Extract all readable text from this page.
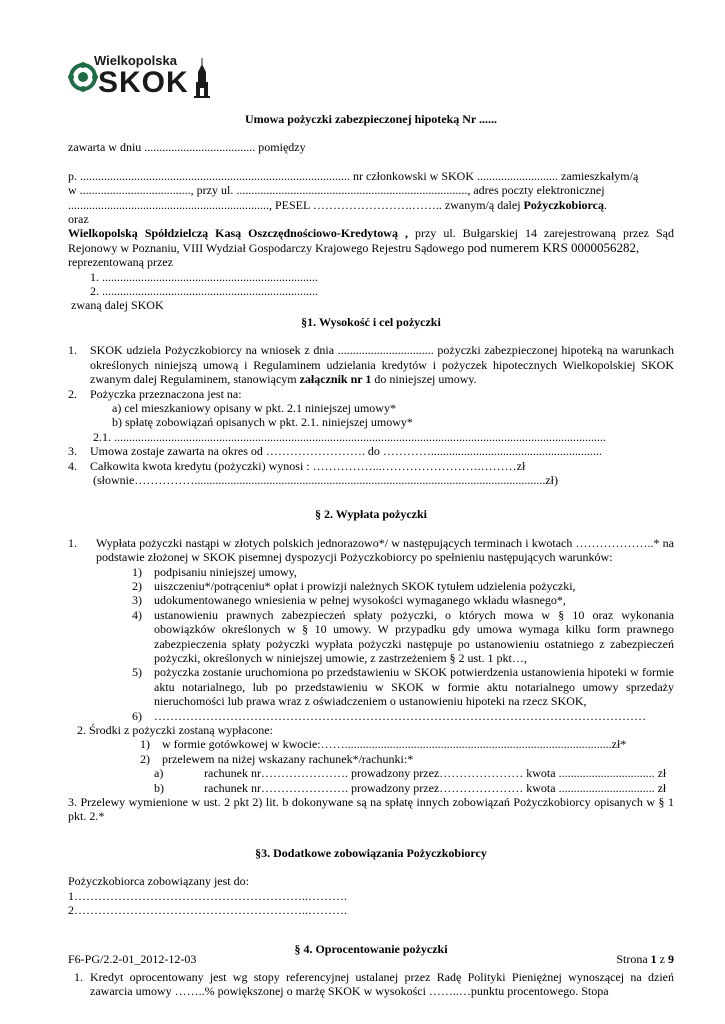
Wielkopolska
SKOK
Umowa pożyczki zabezpieczonej hipoteką Nr ......

zawarta w dniu ..................................... pomiędzy

p. .......................................................................................... nr członkowski w SKOK ........................... zamieszkałym/ą

w ....................................., przy ul. ............................................................................., adres poczty elektronicznej

..................................................................., PESEL …………………….…….. zwanym/ą dalej Pożyczkobiorcą.

oraz

Wielkopolską Spółdzielczą Kasą Oszczędnościowo-Kredytową , przy ul. Bułgarskiej 14 zarejestrowaną przez Sąd Rejonowy w Poznaniu, VIII Wydział Gospodarczy Krajowego Rejestru Sądowego pod numerem KRS 0000056282,

reprezentowaną przez

1. ........................................................................

2. ........................................................................

zwaną dalej SKOK

§1. Wysokość i cel pożyczki
1.	SKOK udziela Pożyczkobiorcy na wniosek z dnia ................................ pożyczki zabezpieczonej hipoteką na warunkach określonych niniejszą umową i Regulaminem udzielania kredytów i pożyczek hipotecznych Wielkopolskiej SKOK zwanym dalej Regulaminem, stanowiącym załącznik nr 1 do niniejszej umowy.
2.	Pożyczka przeznaczona jest na:

a) cel mieszkaniowy opisany w pkt. 2.1 niniejszej umowy*

b) spłatę zobowiązań opisanych w pkt. 2.1. niniejszej umowy*

2.1. ....................................................................................................................................................................

3.	Umowa zostaje zawarta na okres od ……………………. do ………….........................................................
4.	Całkowita kwota kredytu (pożyczki) wynosi : ……………...…………………….………zł

(słownie…………….....................................................................................................................zł)

§ 2. Wypłata pożyczki
1.	Wypłata pożyczki nastąpi w złotych polskich jednorazowo*/ w następujących terminach i kwotach ………………..* na podstawie złożonej w SKOK pisemnej dyspozycji Pożyczkobiorcy po spełnieniu następujących warunków:
1)	podpisaniu niniejszej umowy,
2)	uiszczeniu*/potrąceniu* opłat i prowizji należnych SKOK tytułem udzielenia pożyczki,
3)	udokumentowanego wniesienia w pełnej wysokości wymaganego wkładu własnego*,
4)	ustanowieniu prawnych zabezpieczeń spłaty pożyczki, o których mowa w § 10 oraz wykonania obowiązków określonych w § 10 umowy. W przypadku gdy umowa wymaga kilku form prawnego zabezpieczenia spłaty pożyczki wypłata pożyczki następuje po ustanowieniu ostatniego z zabezpieczeń pożyczki, określonych w niniejszej umowie, z zastrzeżeniem § 2 ust. 1 pkt…,
5)	pożyczka zostanie uruchomiona po przedstawieniu w SKOK potwierdzenia ustanowienia hipoteki w formie aktu notarialnego, lub po przedstawieniu w SKOK w formie aktu notarialnego umowy sprzedaży nieruchomości lub prawa wraz z oświadczeniem o ustanowieniu hipoteki na rzecz SKOK,
6)	……………………………………………………………………………………………………………

2. Środki z pożyczki zostaną wypłacone:

1)	w formie gotówkowej w kwocie:…….........................................................................................zł*
2)	przelewem na niżej wskazany rachunek*/rachunki:*
a)	rachunek nr…………………. prowadzony przez………………… kwota ................................ zł
b)	rachunek nr…………………. prowadzony przez………………… kwota ................................ zł

3. Przelewy wymienione w ust. 2 pkt 2) lit. b dokonywane są na spłatę innych zobowiązań Pożyczkobiorcy opisanych w § 1 pkt. 2.*

§3. Dodatkowe zobowiązania Pożyczkobiorcy

Pożyczkobiorca zobowiązany jest do:

1…………………………………………………..……….

2…………………………………………………..……….

§ 4. Oprocentowanie pożyczki
1. Kredyt oprocentowany jest wg stopy referencyjnej ustalanej przez Radę Polityki Pieniężnej wynoszącej na dzień zawarcia umowy ……..% powiększonej o marżę SKOK w wysokości ……..…punktu procentowego. Stopa
F6-PG/2.2-01_2012-12-03	Strona 1 z 9
